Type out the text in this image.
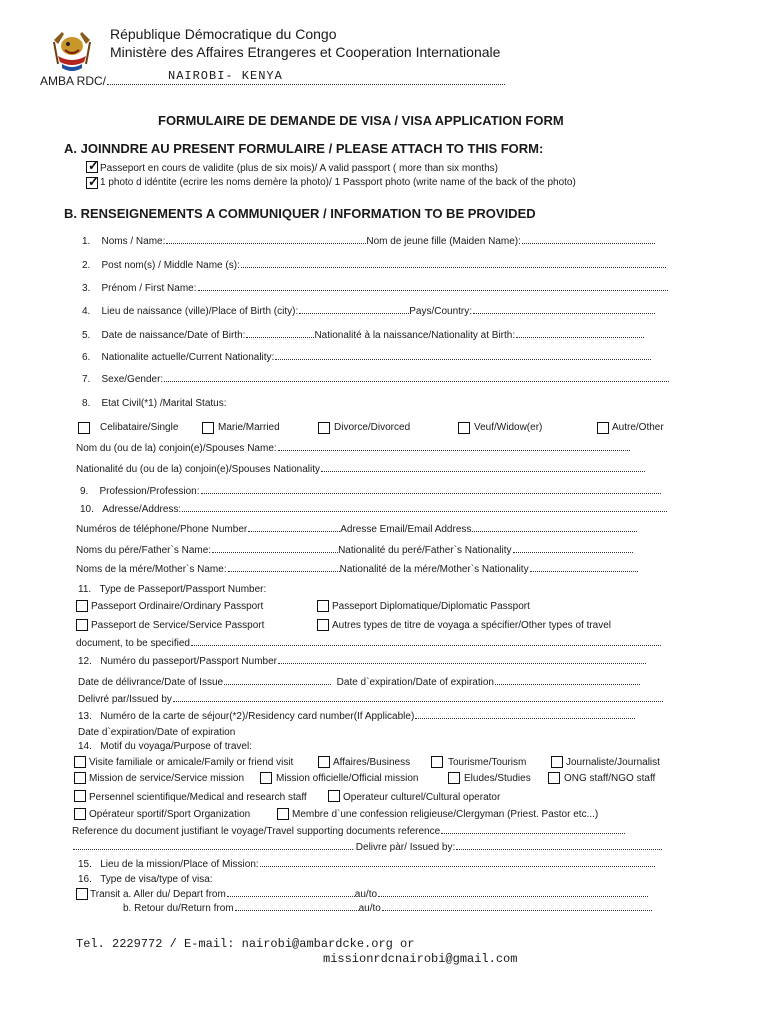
République Démocratique du Congo
Ministère des Affaires Etrangeres et Cooperation Internationale
AMBA RDC/	NAIROBI- KENYA
FORMULAIRE DE DEMANDE DE VISA / VISA APPLICATION FORM
A. JOINNDRE AU PRESENT FORMULAIRE / PLEASE ATTACH TO THIS FORM:
✓
Passeport en cours de validite (plus de six mois)/ A valid passport ( more than six months)
✓
1 photo d idéntite (ecrire les noms demère la photo)/ 1 Passport photo (write name of the back of the photo)
B. RENSEIGNEMENTS A COMMUNIQUER / INFORMATION TO BE PROVIDED
1. Noms / Name:	Nom de jeune fille (Maiden Name):
2. Post nom(s) / Middle Name (s):
3. Prénom / First Name:
4. Lieu de naissance (ville)/Place of Birth (city):	Pays/Country:
5. Date de naissance/Date of Birth:	Nationalité à la naissance/Nationality at Birth:
6. Nationalite actuelle/Current Nationality:
7. Sexe/Gender:
8. Etat Civil(*1) /Marital Status:
Celibataire/Single	Marie/Married	Divorce/Divorced	Veuf/Widow(er)	Autre/Other
Nom du (ou de la) conjoin(e)/Spouses Name:
Nationalité du (ou de la) conjoin(e)/Spouses Nationality
9. Profession/Profession:
10. Adresse/Address:
Numéros de téléphone/Phone Number	Adresse Email/Email Address
Noms du pére/Father`s Name:	Nationalité du peré/Father`s Nationality
Noms de la mére/Mother`s Name:	Nationalité de la mére/Mother`s Nationality
11. Type de Passeport/Passport Number:
Passeport Ordinaire/Ordinary Passport	Passeport Diplomatique/Diplomatic Passport
Passeport de Service/Service Passport	Autres types de titre de voyaga a spécifier/Other types of travel
document, to be specified
12. Numéro du passeport/Passport Number
Date de délivrance/Date of Issue	Date d`expiration/Date of expiration
Delivré par/Issued by
13. Numéro de la carte de séjour(*2)/Residency card number(If Applicable)
Date d`expiration/Date of expiration
14. Motif du voyaga/Purpose of travel:
Visite familiale or amicale/Family or friend visit	Affaires/Business	Tourisme/Tourism	Journaliste/Journalist
Mission de service/Service mission	Mission officielle/Official mission	Eludes/Studies	ONG staff/NGO staff
Persennel scientifique/Medical and research staff	Operateur culturel/Cultural operator
Opérateur sportif/Sport Organization	Membre d`une confession religieuse/Clergyman (Priest. Pastor etc...)
Reference du document justifiant le voyage/Travel supporting documents reference
Delivre pàr/ Issued by:
15. Lieu de la mission/Place of Mission:
16. Type de visa/type of visa:
Transit a. Aller du/ Depart from	au/to
b. Retour du/Return from	au/to
Tel. 2229772 / E-mail: nairobi@ambardcke.org or
missionrdcnairobi@gmail.com
